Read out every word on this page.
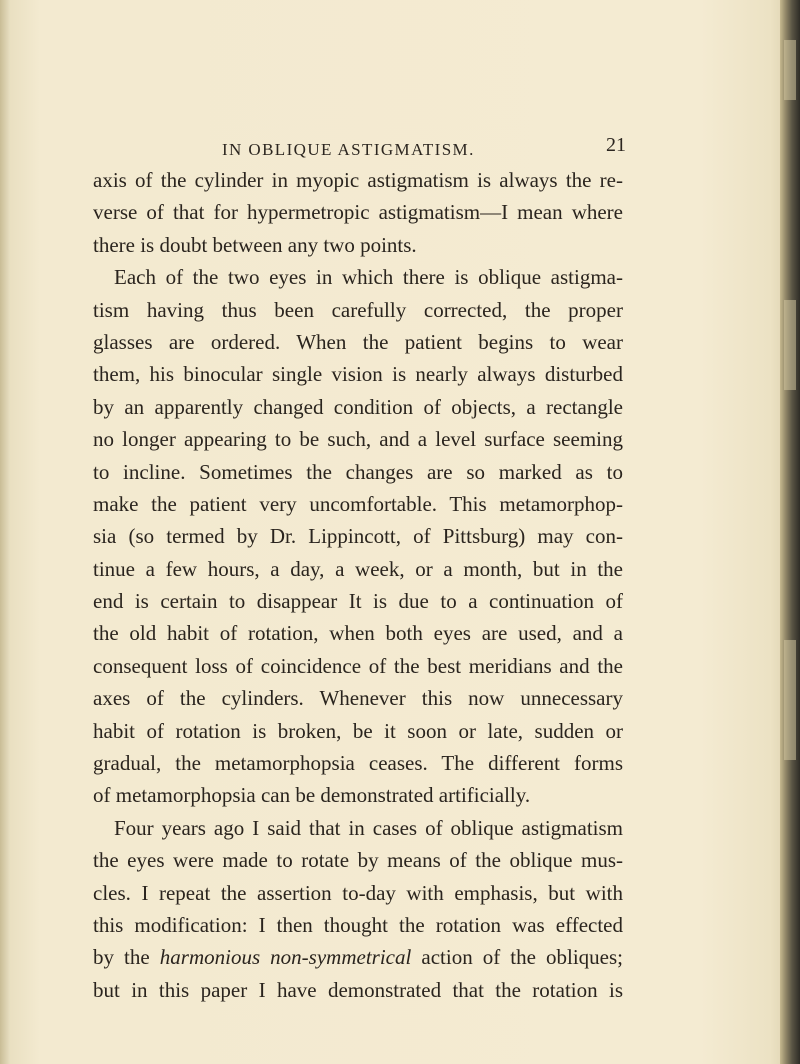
IN OBLIQUE ASTIGMATISM.	21
axis of the cylinder in myopic astigmatism is always the re-
verse of that for hypermetropic astigmatism—I mean where
there is doubt between any two points.
Each of the two eyes in which there is oblique astigma-
tism having thus been carefully corrected, the proper
glasses are ordered. When the patient begins to wear
them, his binocular single vision is nearly always disturbed
by an apparently changed condition of objects, a rectangle
no longer appearing to be such, and a level surface seeming
to incline. Sometimes the changes are so marked as to
make the patient very uncomfortable. This metamorphop-
sia (so termed by Dr. Lippincott, of Pittsburg) may con-
tinue a few hours, a day, a week, or a month, but in the
end is certain to disappear It is due to a continuation of
the old habit of rotation, when both eyes are used, and a
consequent loss of coincidence of the best meridians and the
axes of the cylinders. Whenever this now unnecessary
habit of rotation is broken, be it soon or late, sudden or
gradual, the metamorphopsia ceases. The different forms
of metamorphopsia can be demonstrated artificially.
Four years ago I said that in cases of oblique astigmatism
the eyes were made to rotate by means of the oblique mus-
cles. I repeat the assertion to-day with emphasis, but with
this modification: I then thought the rotation was effected
by the harmonious non-symmetrical action of the obliques;
but in this paper I have demonstrated that the rotation is
